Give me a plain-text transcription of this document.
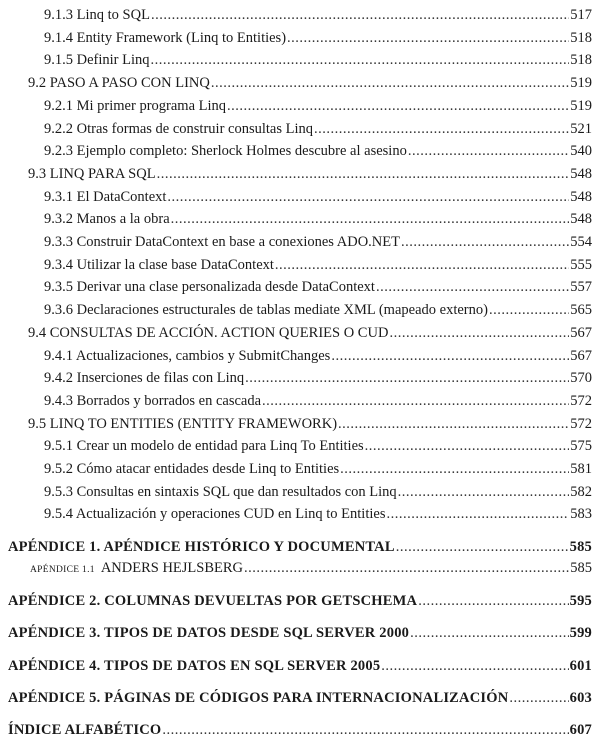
9.1.3 Linq to SQL .....	517
9.1.4 Entity Framework (Linq to Entities) .....	518
9.1.5 Definir Linq .....	518
9.2 PASO A PASO CON LINQ .....	519
9.2.1 Mi primer programa Linq .....	519
9.2.2 Otras formas de construir consultas Linq .....	521
9.2.3 Ejemplo completo: Sherlock Holmes descubre al asesino .....	540
9.3 LINQ PARA SQL .....	548
9.3.1 El DataContext .....	548
9.3.2 Manos a la obra .....	548
9.3.3 Construir DataContext en base a conexiones ADO.NET .....	554
9.3.4 Utilizar la clase base DataContext .....	555
9.3.5 Derivar una clase personalizada desde DataContext .....	557
9.3.6 Declaraciones estructurales de tablas mediate XML (mapeado externo) .....	565
9.4 CONSULTAS DE ACCIÓN. ACTION QUERIES O CUD .....	567
9.4.1 Actualizaciones, cambios y SubmitChanges .....	567
9.4.2 Inserciones de filas con Linq .....	570
9.4.3 Borrados y borrados en cascada .....	572
9.5 LINQ TO ENTITIES (ENTITY FRAMEWORK) .....	572
9.5.1 Crear un modelo de entidad para Linq To Entities .....	575
9.5.2 Cómo atacar entidades desde Linq to Entities .....	581
9.5.3 Consultas en sintaxis SQL que dan resultados con Linq .....	582
9.5.4 Actualización y operaciones CUD en Linq to Entities .....	583
APÉNDICE 1. APÉNDICE HISTÓRICO Y DOCUMENTAL .....	585
APÉNDICE 1.1 ANDERS HEJLSBERG .....	585
APÉNDICE 2. COLUMNAS DEVUELTAS POR GETSCHEMA .....	595
APÉNDICE 3. TIPOS DE DATOS DESDE SQL SERVER 2000 .....	599
APÉNDICE 4. TIPOS DE DATOS EN SQL SERVER 2005 .....	601
APÉNDICE 5. PÁGINAS DE CÓDIGOS PARA INTERNACIONALIZACIÓN .....	603
ÍNDICE ALFABÉTICO .....	607
